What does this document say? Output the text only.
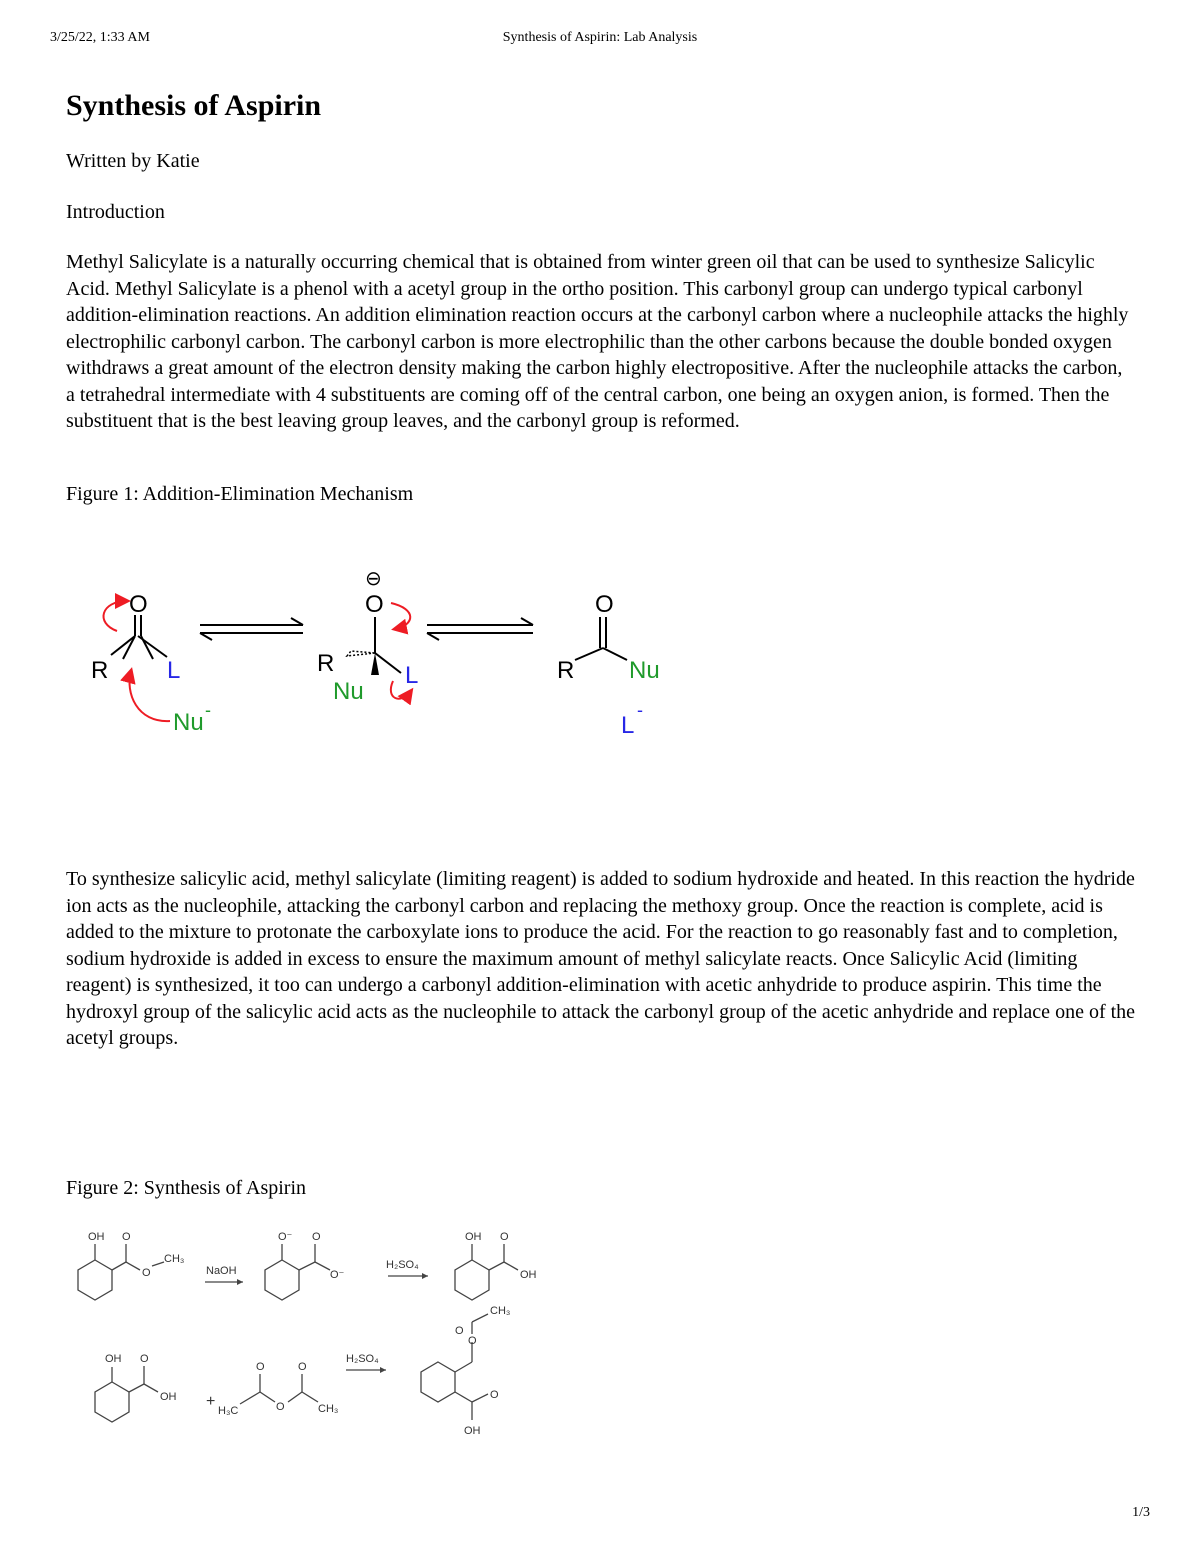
3/25/22, 1:33 AM	Synthesis of Aspirin: Lab Analysis
Synthesis of Aspirin

Written by Katie

Introduction

Methyl Salicylate is a naturally occurring chemical that is obtained from winter green oil that can be used to synthesize Salicylic Acid. Methyl Salicylate is a phenol with a acetyl group in the ortho position. This carbonyl group can undergo typical carbonyl addition-elimination reactions. An addition elimination reaction occurs at the carbonyl carbon where a nucleophile attacks the highly electrophilic carbonyl carbon. The carbonyl carbon is more electrophilic than the other carbons because the double bonded oxygen withdraws a great amount of the electron density making the carbon highly electropositive. After the nucleophile attacks the carbon, a tetrahedral intermediate with 4 substituents are coming off of the central carbon, one being an oxygen anion, is formed. Then the substituent that is the best leaving group leaves, and the carbonyl group is reformed.

Figure 1: Addition-Elimination Mechanism

To synthesize salicylic acid, methyl salicylate (limiting reagent) is added to sodium hydroxide and heated. In this reaction the hydride ion acts as the nucleophile, attacking the carbonyl carbon and replacing the methoxy group. Once the reaction is complete, acid is added to the mixture to protonate the carboxylate ions to produce the acid. For the reaction to go reasonably fast and to completion, sodium hydroxide is added in excess to ensure the maximum amount of methyl salicylate reacts. Once Salicylic Acid (limiting reagent) is synthesized, it too can undergo a carbonyl addition-elimination with acetic anhydride to produce aspirin. This time the hydroxyl group of the salicylic acid acts as the nucleophile to attack the carbonyl group of the acetic anhydride and replace one of the acetyl groups.

Figure 2: Synthesis of Aspirin

O
R L
Nu -
⊖
O
R	L
Nu
O
R Nu
L
-
OH O
O
CH₃
NaOH
O⁻ O
O⁻
H₂SO₄
OH O
OH
OH O
OH +
H₃C
O
O
O
CH₃
H₂SO₄
O
O
CH₃
O
OH
1/3
